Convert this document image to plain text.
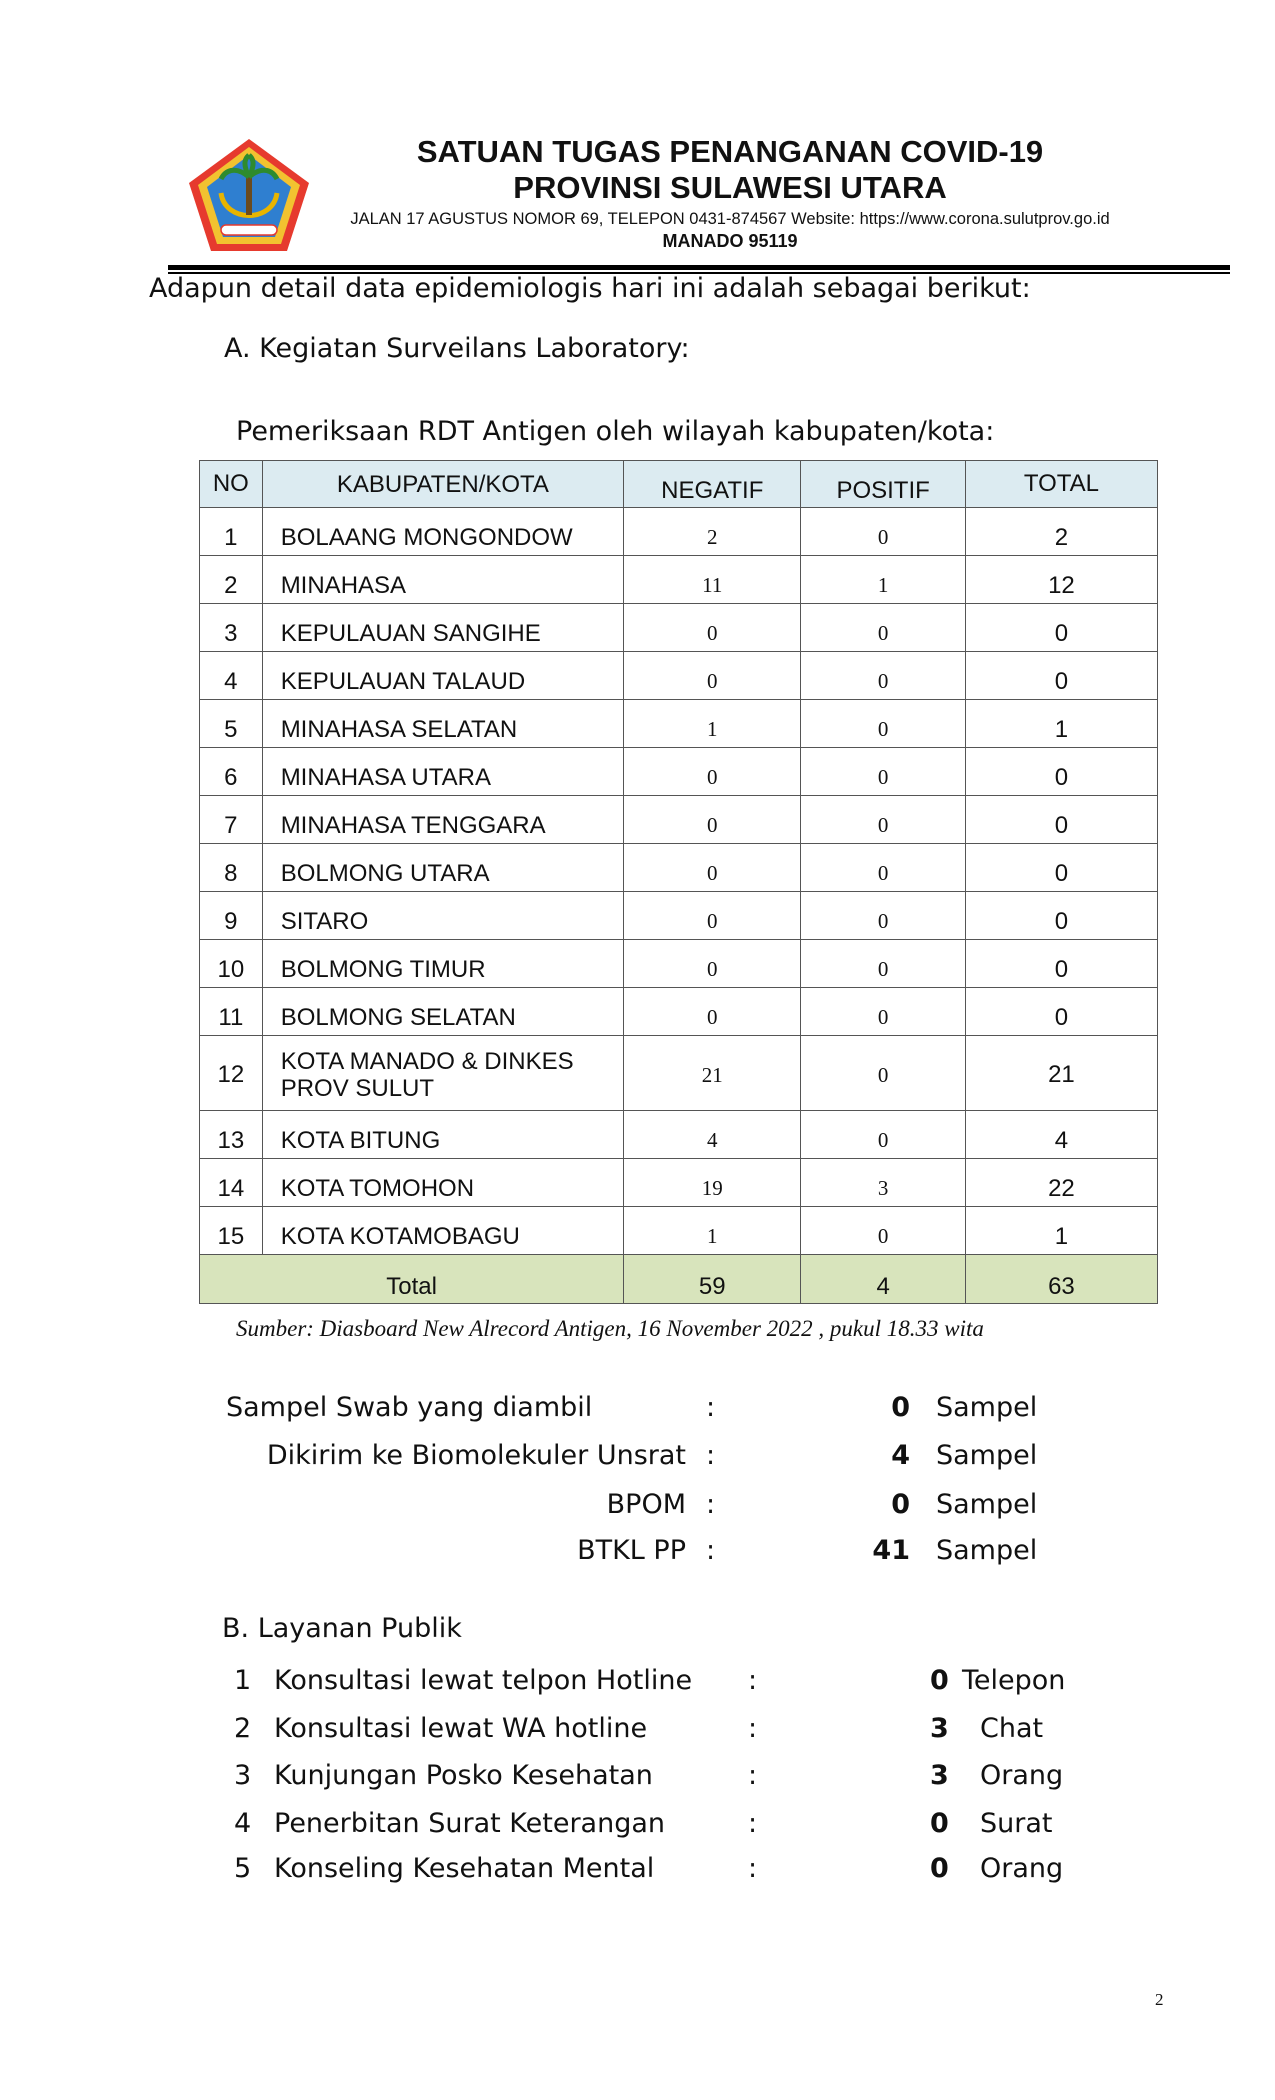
SATUAN TUGAS PENANGANAN COVID-19
PROVINSI SULAWESI UTARA
JALAN 17 AGUSTUS NOMOR 69, TELEPON 0431-874567 Website: https://www.corona.sulutprov.go.id
MANADO 95119
Adapun detail data epidemiologis hari ini adalah sebagai berikut:
A. Kegiatan Surveilans Laboratory:
Pemeriksaan RDT Antigen oleh wilayah kabupaten/kota:
NO	KABUPATEN/KOTA	NEGATIF	POSITIF	TOTAL
1	BOLAANG MONGONDOW	2	0	2
2	MINAHASA	11	1	12
3	KEPULAUAN SANGIHE	0	0	0
4	KEPULAUAN TALAUD	0	0	0
5	MINAHASA SELATAN	1	0	1
6	MINAHASA UTARA	0	0	0
7	MINAHASA TENGGARA	0	0	0
8	BOLMONG UTARA	0	0	0
9	SITARO	0	0	0
10	BOLMONG TIMUR	0	0	0
11	BOLMONG SELATAN	0	0	0
12	KOTA MANADO & DINKES PROV SULUT	21	0	21
13	KOTA BITUNG	4	0	4
14	KOTA TOMOHON	19	3	22
15	KOTA KOTAMOBAGU	1	0	1
Total		59	4	63
Sumber: Diasboard New Alrecord Antigen, 16 November 2022 , pukul 18.33 wita
Sampel Swab yang diambil	:	0 Sampel
Dikirim ke Biomolekuler Unsrat :	4 Sampel
BPOM :	0 Sampel
BTKL PP :	41 Sampel
B. Layanan Publik
1 Konsultasi lewat telpon Hotline :	0 Telepon
2 Konsultasi lewat WA hotline	:	3 Chat
3 Kunjungan Posko Kesehatan	:	3 Orang
4 Penerbitan Surat Keterangan	:	0 Surat
5 Konseling Kesehatan Mental	:	0 Orang
2
